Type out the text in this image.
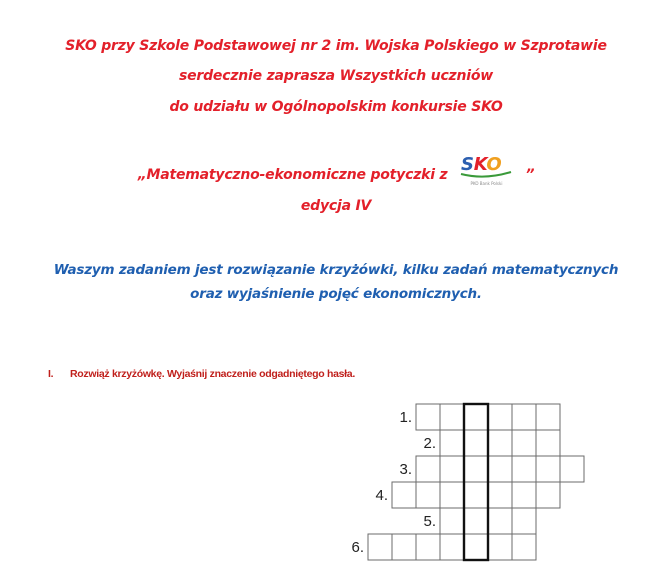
SKO przy Szkole Podstawowej nr 2 im. Wojska Polskiego w Szprotawie
serdecznie zaprasza Wszystkich uczniów
do udziału w Ogólnopolskim konkursie SKO
„Matematyczno-ekonomiczne potyczki z SKO
PKO Bank Polski
”
edycja IV
Waszym zadaniem jest rozwiązanie krzyżówki, kilku zadań matematycznych
oraz wyjaśnienie pojęć ekonomicznych.
I. Rozwiąż krzyżówkę. Wyjaśnij znaczenie odgadniętego hasła.
1.
2.
3.
4.
5.
6.
